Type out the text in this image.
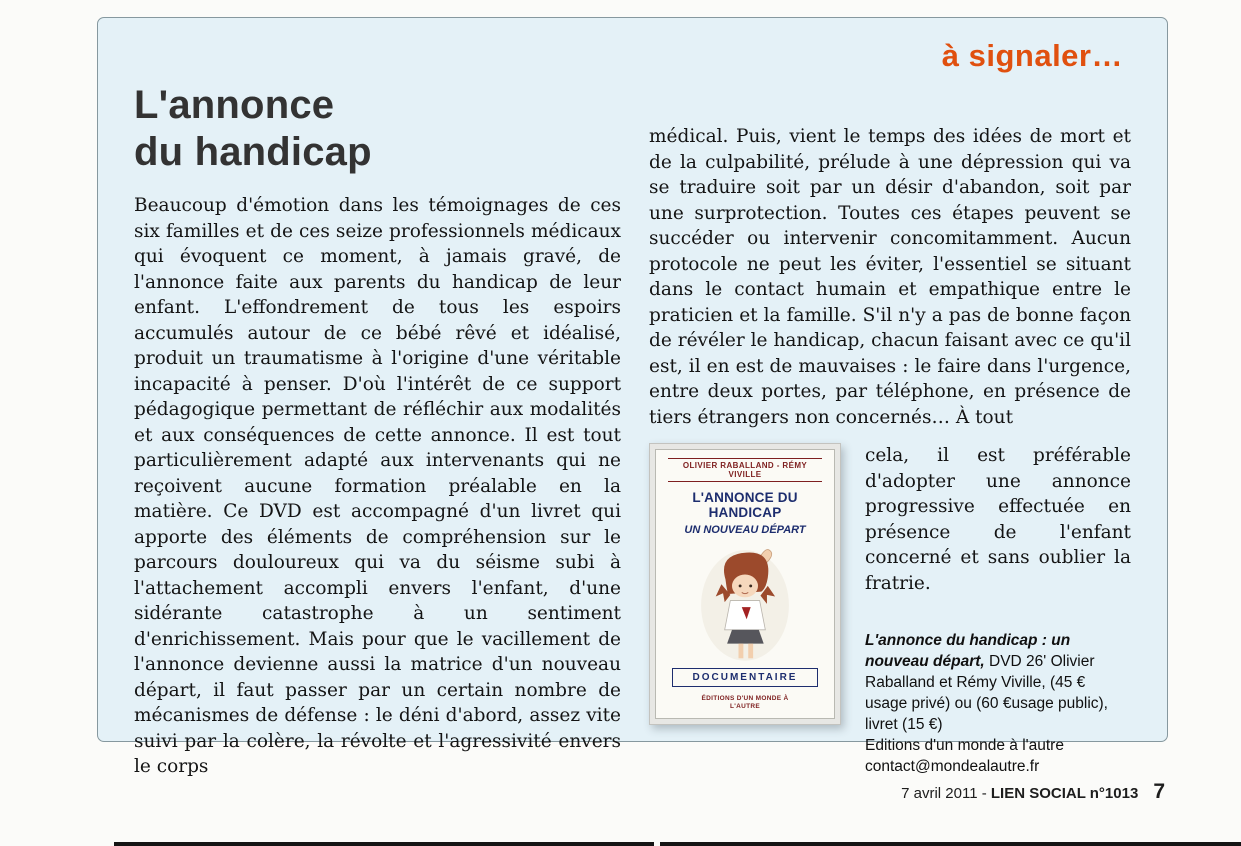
à signaler…
L'annonce
du handicap

Beaucoup d'émotion dans les témoignages de ces six familles et de ces seize professionnels médicaux qui évoquent ce moment, à jamais gravé, de l'annonce faite aux parents du handicap de leur enfant. L'effondrement de tous les espoirs accumulés autour de ce bébé rêvé et idéalisé, produit un traumatisme à l'origine d'une véritable incapacité à penser. D'où l'intérêt de ce support pédagogique permettant de réfléchir aux modalités et aux conséquences de cette annonce. Il est tout particulièrement adapté aux intervenants qui ne reçoivent aucune formation préalable en la matière. Ce DVD est accompagné d'un livret qui apporte des éléments de compréhension sur le parcours douloureux qui va du séisme subi à l'attachement accompli envers l'enfant, d'une sidérante catastrophe à un sentiment d'enrichissement. Mais pour que le vacillement de l'annonce devienne aussi la matrice d'un nouveau départ, il faut passer par un certain nombre de mécanismes de défense : le déni d'abord, assez vite suivi par la colère, la révolte et l'agressivité envers le corps

médical. Puis, vient le temps des idées de mort et de la culpabilité, prélude à une dépression qui va se traduire soit par un désir d'abandon, soit par une surprotection. Toutes ces étapes peuvent se succéder ou intervenir concomitamment. Aucun protocole ne peut les éviter, l'essentiel se situant dans le contact humain et empathique entre le praticien et la famille. S'il n'y a pas de bonne façon de révéler le handicap, chacun faisant avec ce qu'il est, il en est de mauvaises : le faire dans l'urgence, entre deux portes, par téléphone, en présence de tiers étrangers non concernés… À tout

OLIVIER RABALLAND - RÉMY VIVILLE
L'ANNONCE DU HANDICAP
UN NOUVEAU DÉPART
DOCUMENTAIRE
ÉDITIONS D'UN MONDE À L'AUTRE

cela, il est préférable d'adopter une annonce progressive effectuée en présence de l'enfant concerné et sans oublier la fratrie.

L'annonce du handicap : un nouveau départ, DVD 26' Olivier Raballand et Rémy Viville, (45 € usage privé) ou (60 €usage public), livret (15 €)

Editions d'un monde à l'autre

contact@mondealautre.fr

7 avril 2011 - LIEN SOCIAL n°1013 7
